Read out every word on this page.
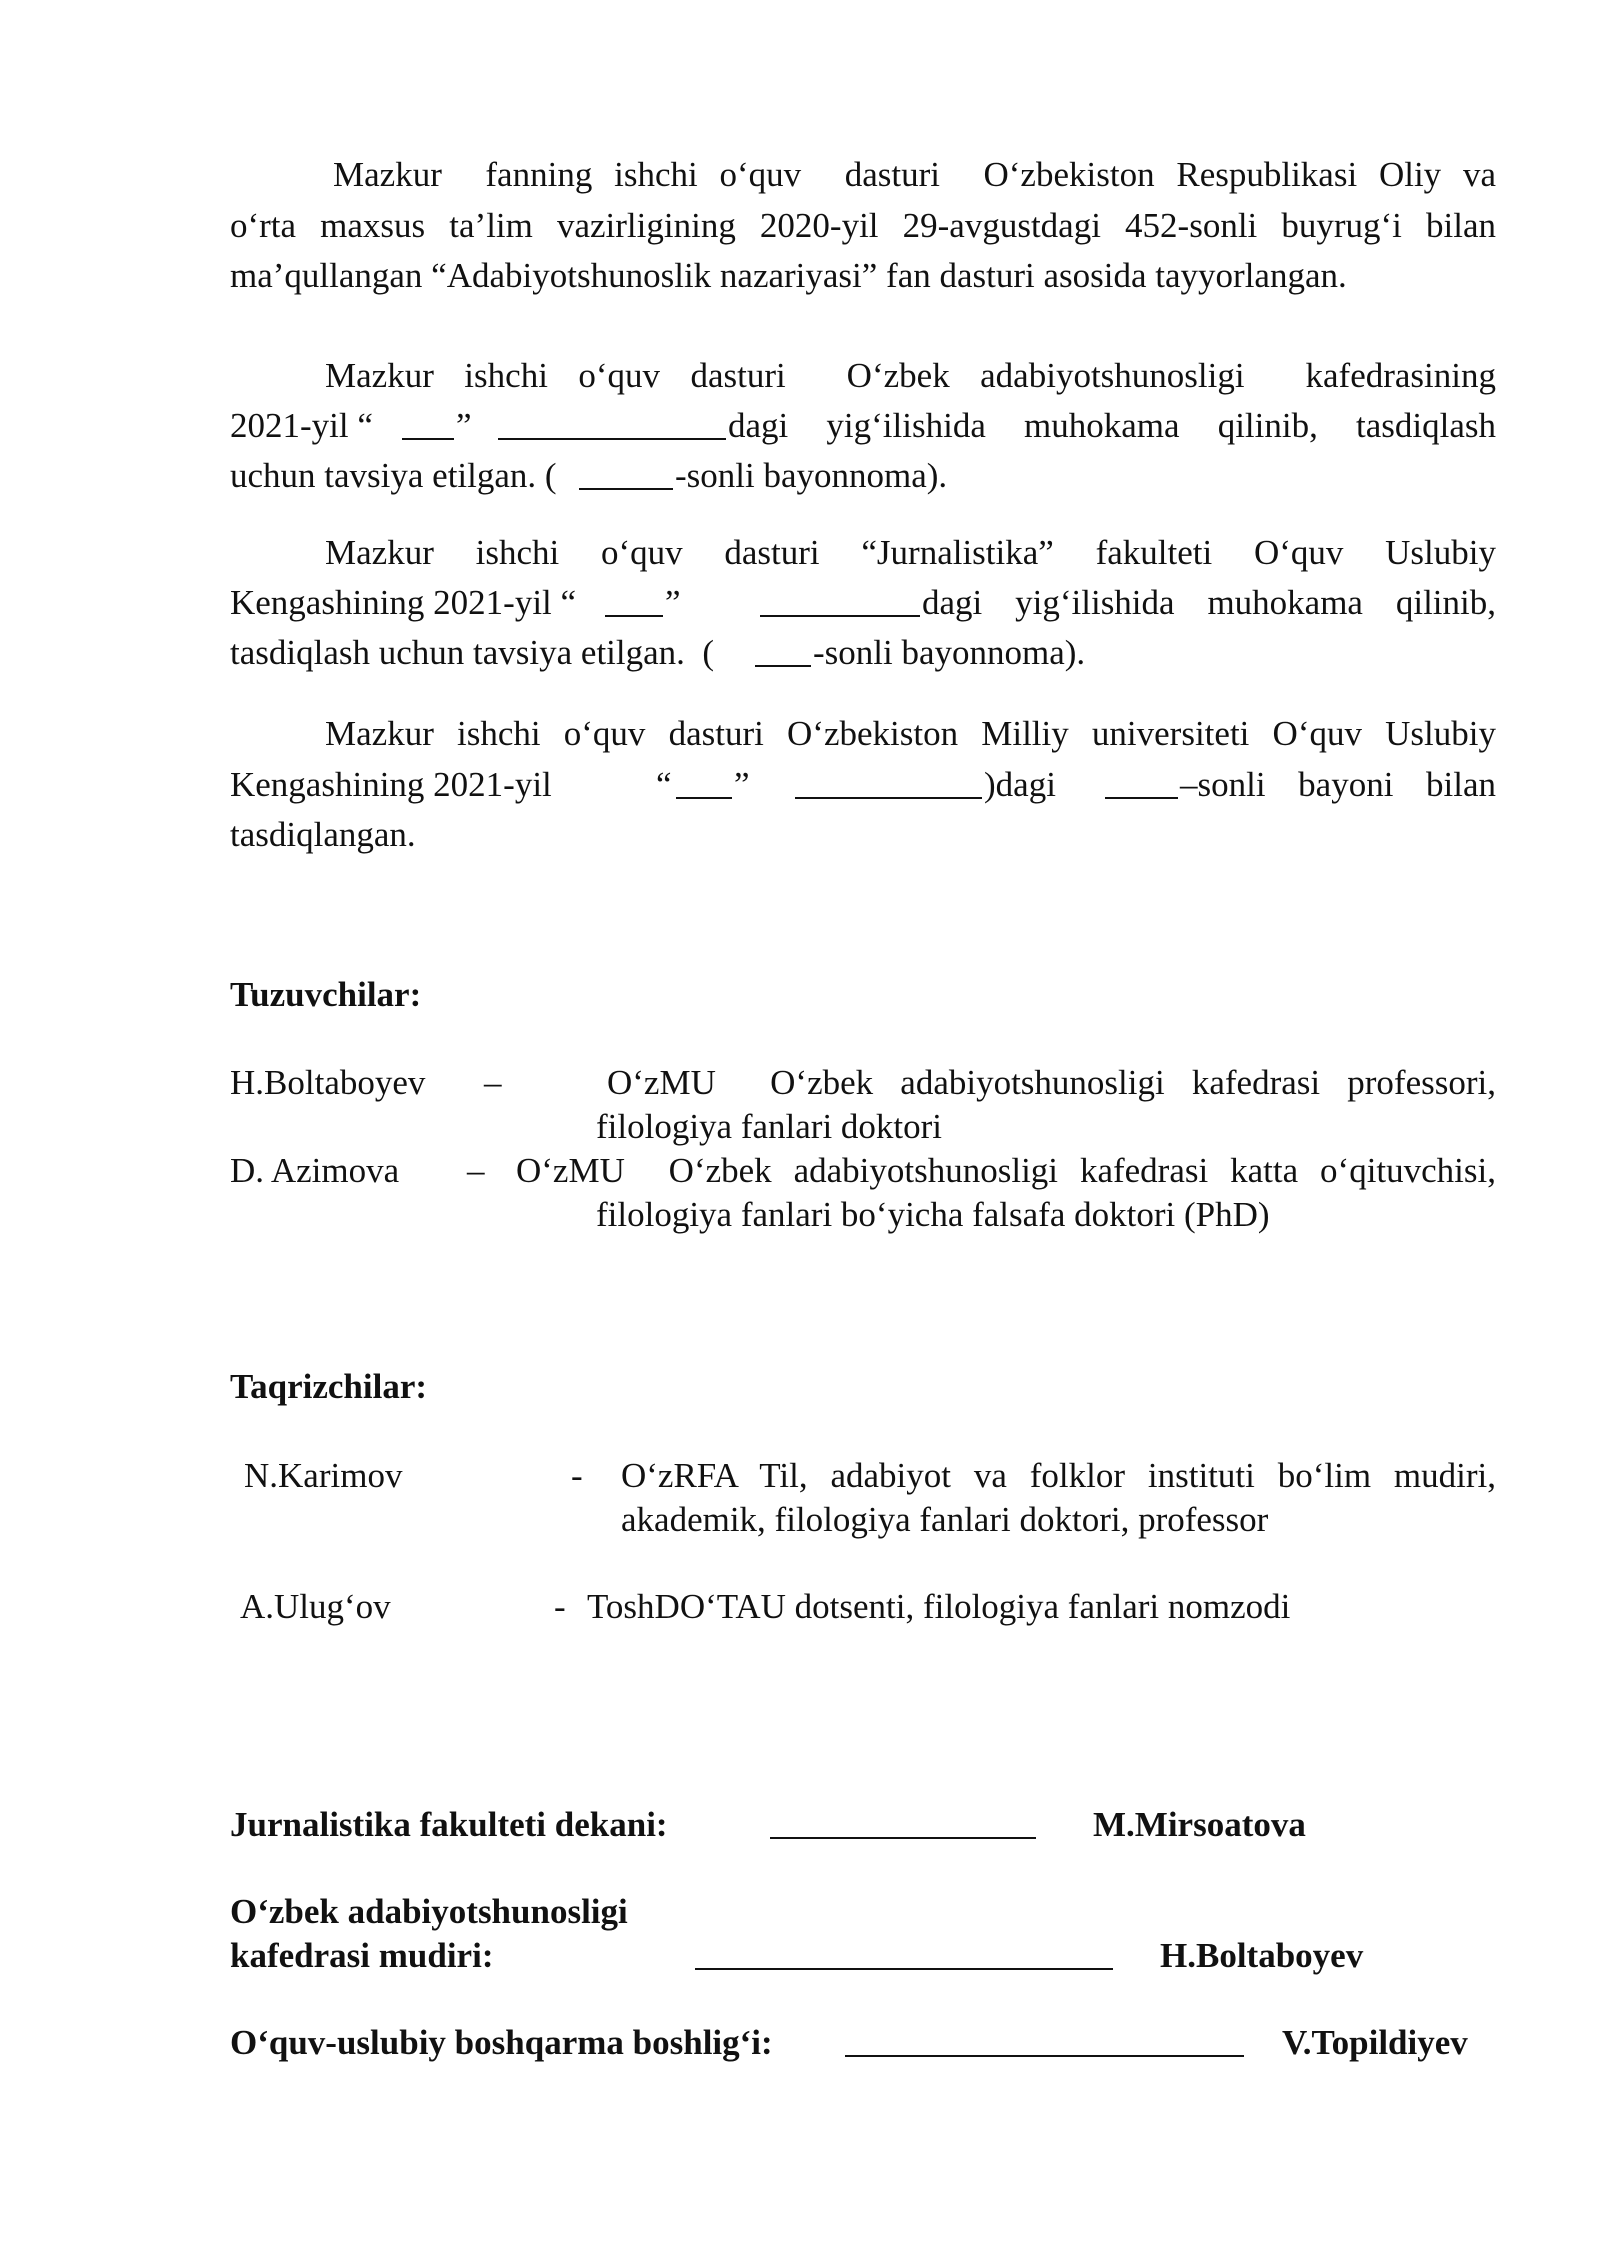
Mazkur  fanning ishchi o‘quv  dasturi  O‘zbekiston Respublikasi Oliy va
o‘rta maxsus ta’lim vazirligining 2020-yil 29-avgustdagi 452-sonli buyrug‘i bilan
ma’qullangan “Adabiyotshunoslik nazariyasi” fan dasturi asosida tayyorlangan.
Mazkur ishchi o‘quv dasturi  O‘zbek adabiyotshunosligi  kafedrasining
2021-yil “ ”	dagi yig‘ilishida muhokama qilinib, tasdiqlash
uchun tavsiya etilgan. (	-sonli bayonnoma).
Mazkur ishchi o‘quv dasturi “Jurnalistika” fakulteti O‘quv Uslubiy
Kengashining 2021-yil “	”	dagi yig‘ilishida muhokama qilinib,
tasdiqlash uchun tavsiya etilgan.  (	-sonli bayonnoma).
Mazkur ishchi o‘quv dasturi O‘zbekiston Milliy universiteti O‘quv Uslubiy
Kengashining 2021-yil	“ ”	)dagi	–sonli bayoni bilan
tasdiqlangan.
Tuzuvchilar:
H.Boltaboyev –	O‘zMU  O‘zbek adabiyotshunosligi kafedrasi professori,
filologiya fanlari doktori
D. Azimova – O‘zMU  O‘zbek adabiyotshunosligi kafedrasi katta o‘qituvchisi,
filologiya fanlari bo‘yicha falsafa doktori (PhD)
Taqrizchilar:
N.Karimov	- O‘zRFA Til, adabiyot va folklor instituti bo‘lim mudiri,
akademik, filologiya fanlari doktori, professor
A.Ulug‘ov	- ToshDO‘TAU dotsenti, filologiya fanlari nomzodi
Jurnalistika fakulteti dekani:	M.Mirsoatova
O‘zbek adabiyotshunosligi
kafedrasi mudiri:	H.Boltaboyev
O‘quv-uslubiy boshqarma boshlig‘i:	V.Topildiyev
